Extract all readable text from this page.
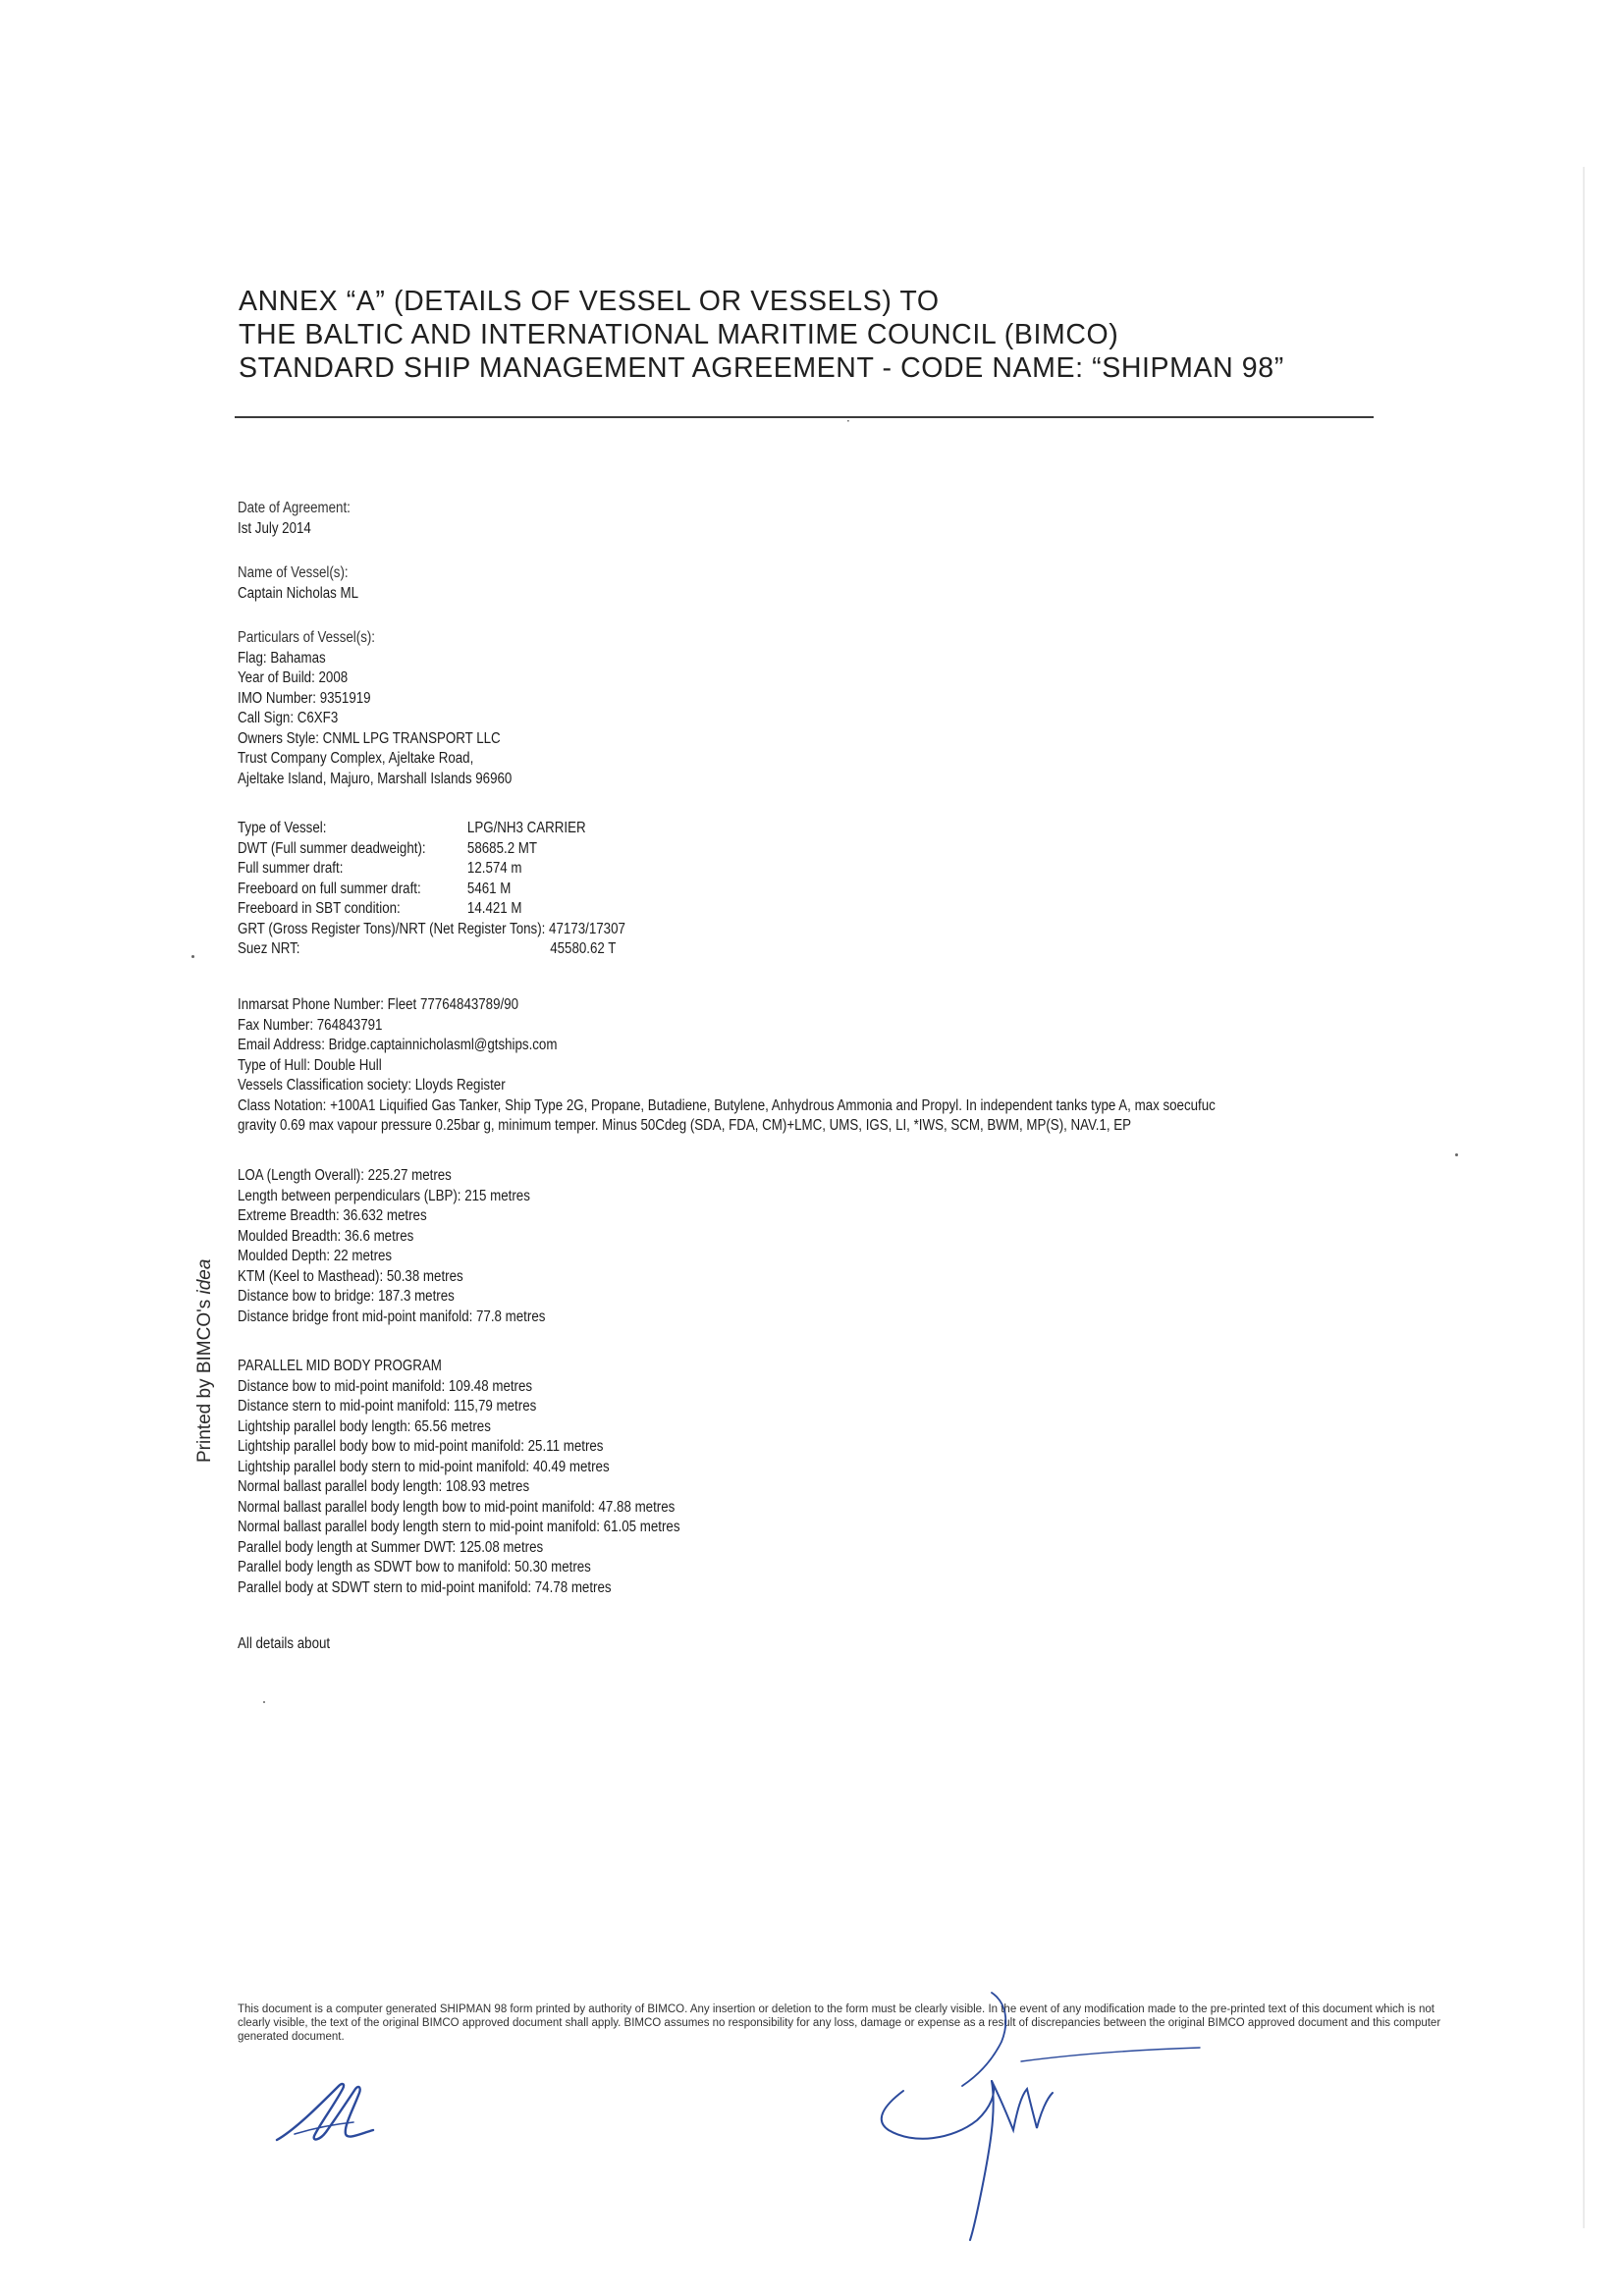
ANNEX “A” (DETAILS OF VESSEL OR VESSELS) TO
THE BALTIC AND INTERNATIONAL MARITIME COUNCIL (BIMCO)
STANDARD SHIP MANAGEMENT AGREEMENT - CODE NAME: “SHIPMAN 98”
·
Date of Agreement:
Ist July 2014
Name of Vessel(s):
Captain Nicholas ML
Particulars of Vessel(s):
Flag: Bahamas
Year of Build: 2008
IMO Number: 9351919
Call Sign: C6XF3
Owners Style: CNML LPG TRANSPORT LLC
Trust Company Complex, Ajeltake Road,
Ajeltake Island, Majuro, Marshall Islands 96960
Type of Vessel:	LPG/NH3 CARRIER
DWT (Full summer deadweight):	58685.2 MT
Full summer draft:	12.574 m
Freeboard on full summer draft:	5461 M
Freeboard in SBT condition:	14.421 M
GRT (Gross Register Tons)/NRT (Net Register Tons): 47173/17307
Suez NRT:	45580.62 T
Inmarsat Phone Number: Fleet 77764843789/90
Fax Number: 764843791
Email Address: Bridge.captainnicholasml@gtships.com
Type of Hull: Double Hull
Vessels Classification society: Lloyds Register
Class Notation: +100A1 Liquified Gas Tanker, Ship Type 2G, Propane, Butadiene, Butylene, Anhydrous Ammonia and Propyl. In independent tanks type A, max soecufuc
gravity 0.69 max vapour pressure 0.25bar g, minimum temper. Minus 50Cdeg (SDA, FDA, CM)+LMC, UMS, IGS, LI, *IWS, SCM, BWM, MP(S), NAV.1, EP
LOA (Length Overall): 225.27 metres
Length between perpendiculars (LBP): 215 metres
Extreme Breadth: 36.632 metres
Moulded Breadth: 36.6 metres
Moulded Depth: 22 metres
KTM (Keel to Masthead): 50.38 metres
Distance bow to bridge: 187.3 metres
Distance bridge front mid-point manifold: 77.8 metres
PARALLEL MID BODY PROGRAM
Distance bow to mid-point manifold: 109.48 metres
Distance stern to mid-point manifold: 115,79 metres
Lightship parallel body length: 65.56 metres
Lightship parallel body bow to mid-point manifold: 25.11 metres
Lightship parallel body stern to mid-point manifold: 40.49 metres
Normal ballast parallel body length: 108.93 metres
Normal ballast parallel body length bow to mid-point manifold: 47.88 metres
Normal ballast parallel body length stern to mid-point manifold: 61.05 metres
Parallel body length at Summer DWT: 125.08 metres
Parallel body length as SDWT bow to manifold: 50.30 metres
Parallel body at SDWT stern to mid-point manifold: 74.78 metres
All details about
Printed by BIMCO's idea
This document is a computer generated SHIPMAN 98 form printed by authority of BIMCO. Any insertion or deletion to the form must be clearly visible. In the event of any modification made to the pre-printed text of this document which is not clearly visible, the text of the original BIMCO approved document shall apply. BIMCO assumes no responsibility for any loss, damage or expense as a result of discrepancies between the original BIMCO approved document and this computer generated document.
